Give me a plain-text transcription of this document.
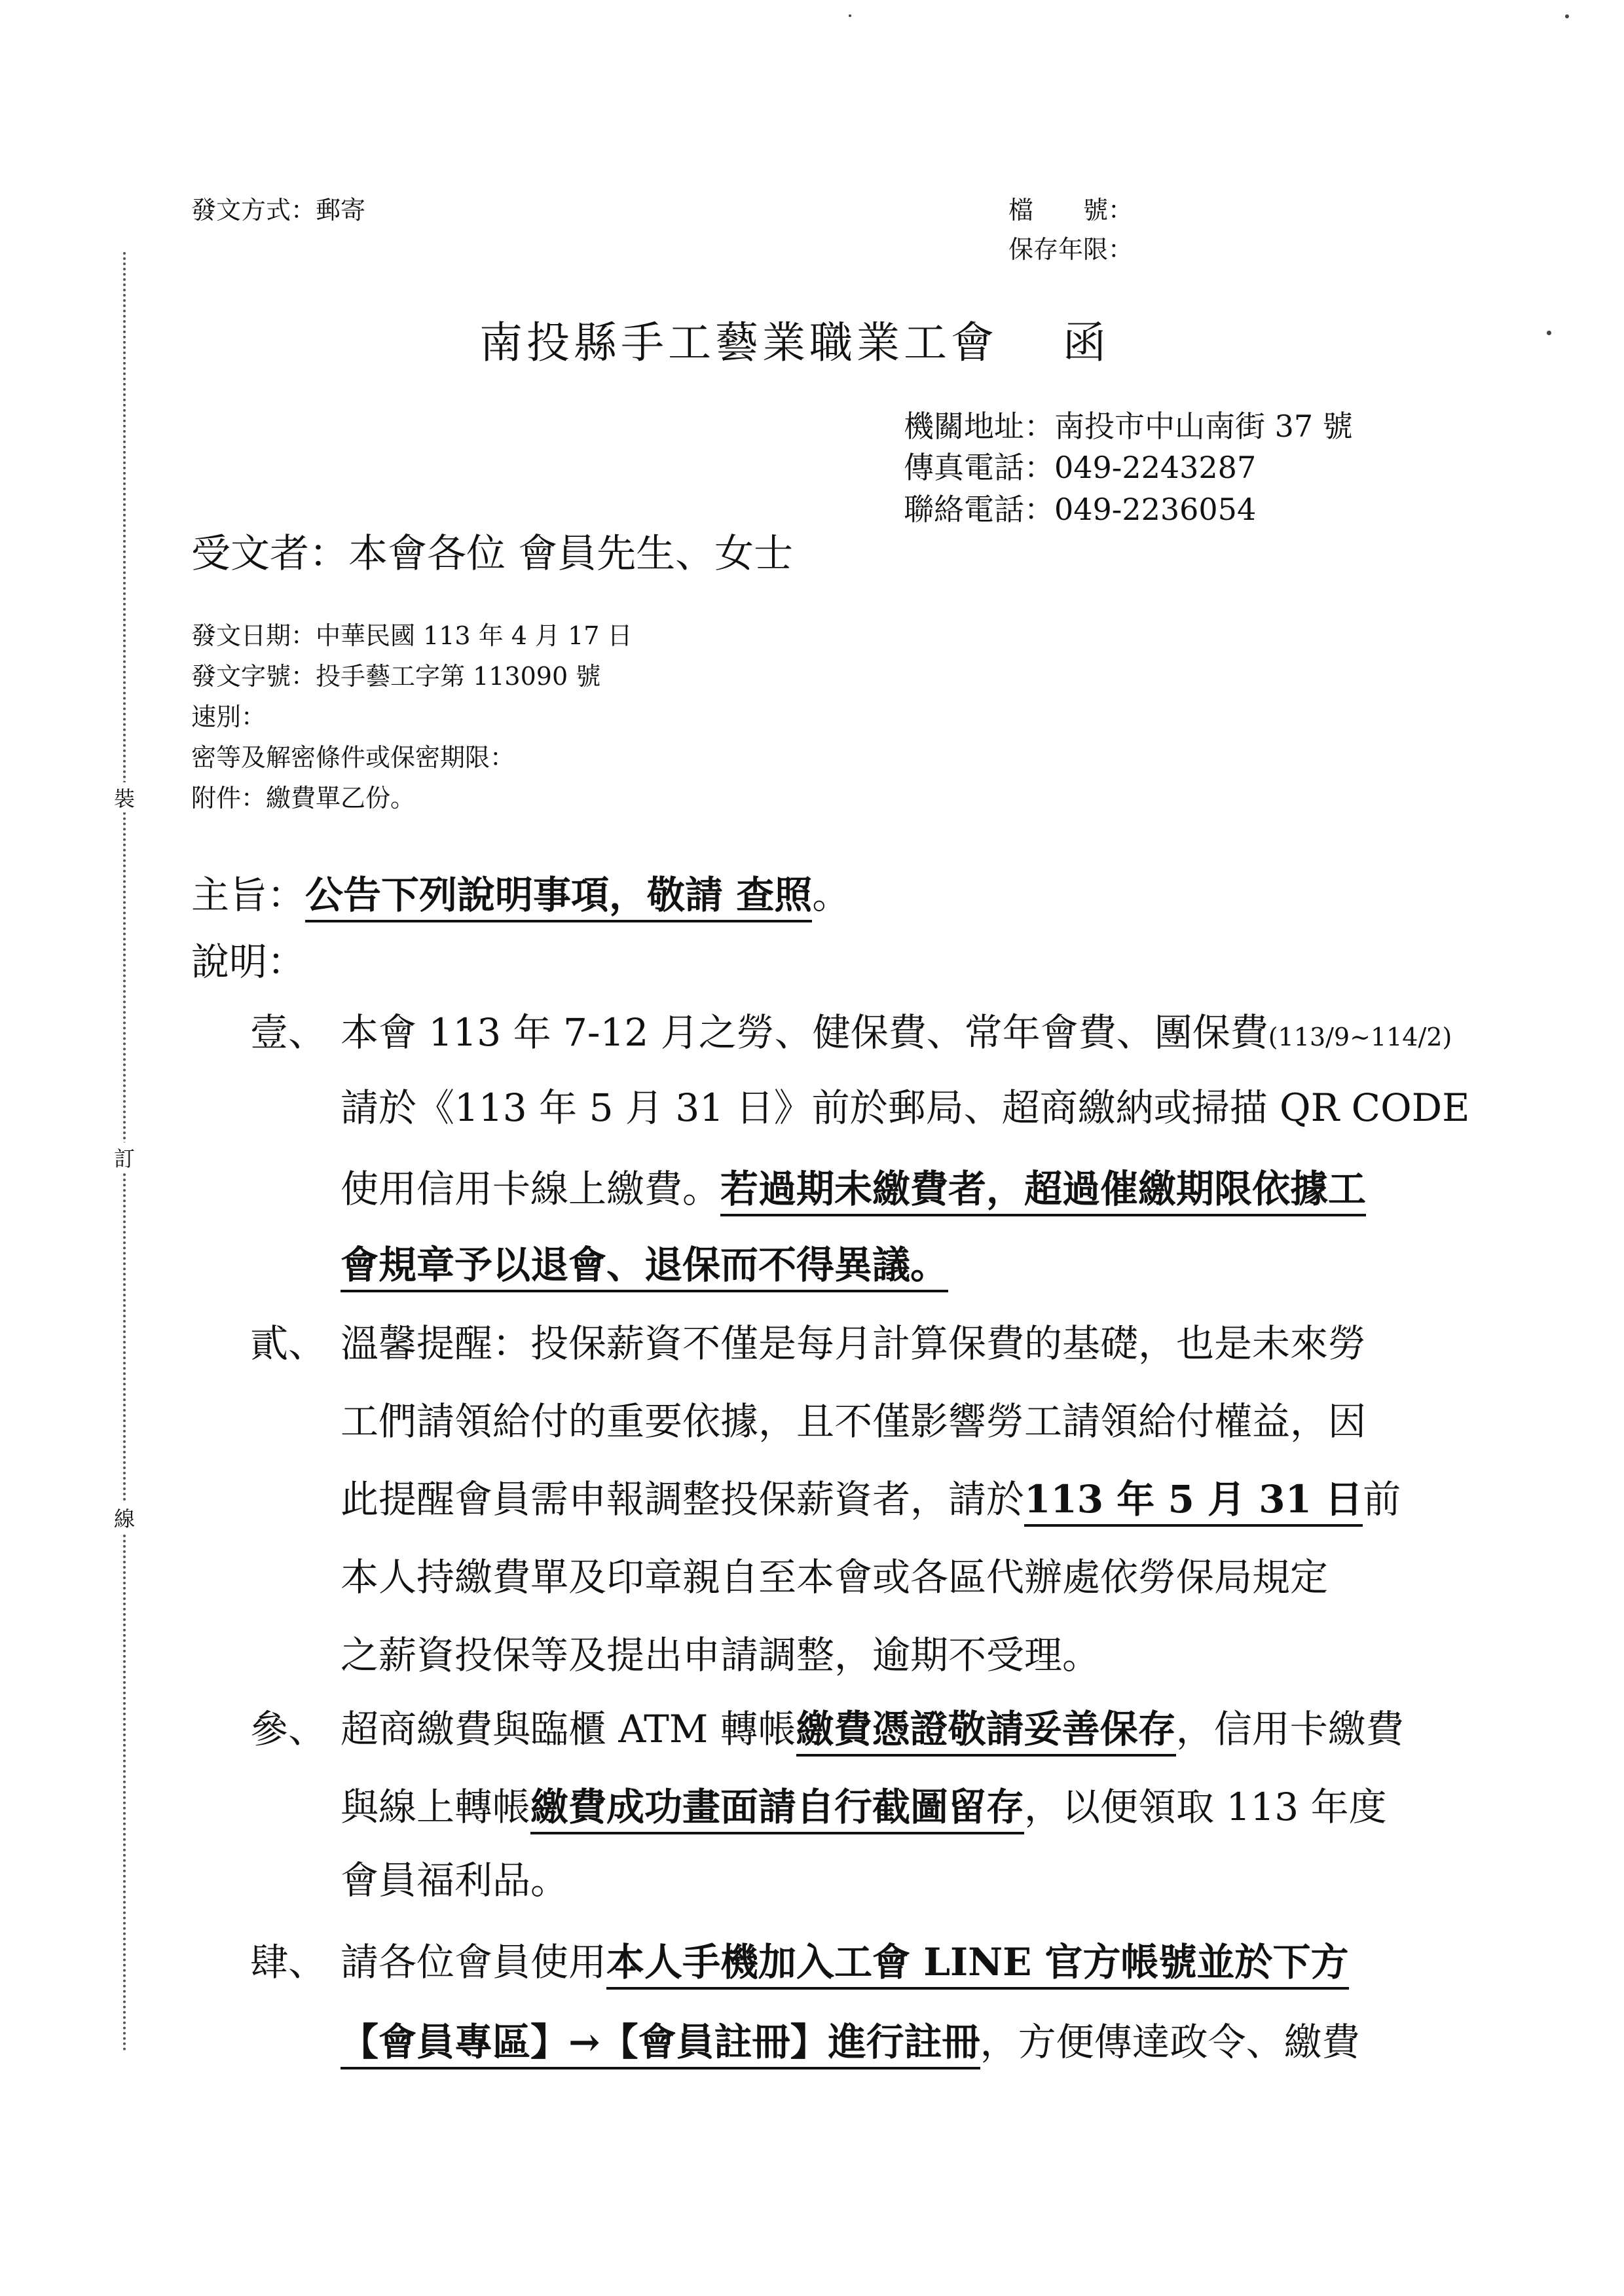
裝
訂
線
發文方式：郵寄	檔　　號：
保存年限：
南投縣手工藝業職業工會　 函
機關地址：南投市中山南街 37 號
傳真電話：049-2243287
聯絡電話：049-2236054
受文者：本會各位 會員先生、女士
發文日期：中華民國 113 年 4 月 17 日
發文字號：投手藝工字第 113090 號
速別：
密等及解密條件或保密期限：
附件：繳費單乙份。
主旨：公告下列說明事項，敬請 查照。
說明：
壹、 本會 113 年 7-12 月之勞、健保費、常年會費、團保費(113/9~114/2)
請於《113 年 5 月 31 日》前於郵局、超商繳納或掃描 QR CODE
使用信用卡線上繳費。若過期未繳費者，超過催繳期限依據工
會規章予以退會、退保而不得異議。
貳、 溫馨提醒：投保薪資不僅是每月計算保費的基礎，也是未來勞
工們請領給付的重要依據，且不僅影響勞工請領給付權益，因
此提醒會員需申報調整投保薪資者，請於113 年 5 月 31 日前
本人持繳費單及印章親自至本會或各區代辦處依勞保局規定
之薪資投保等及提出申請調整，逾期不受理。
參、 超商繳費與臨櫃 ATM 轉帳繳費憑證敬請妥善保存，信用卡繳費
與線上轉帳繳費成功畫面請自行截圖留存，以便領取 113 年度
會員福利品。
肆、 請各位會員使用本人手機加入工會 LINE 官方帳號並於下方
【會員專區】→【會員註冊】進行註冊，方便傳達政令、繳費
